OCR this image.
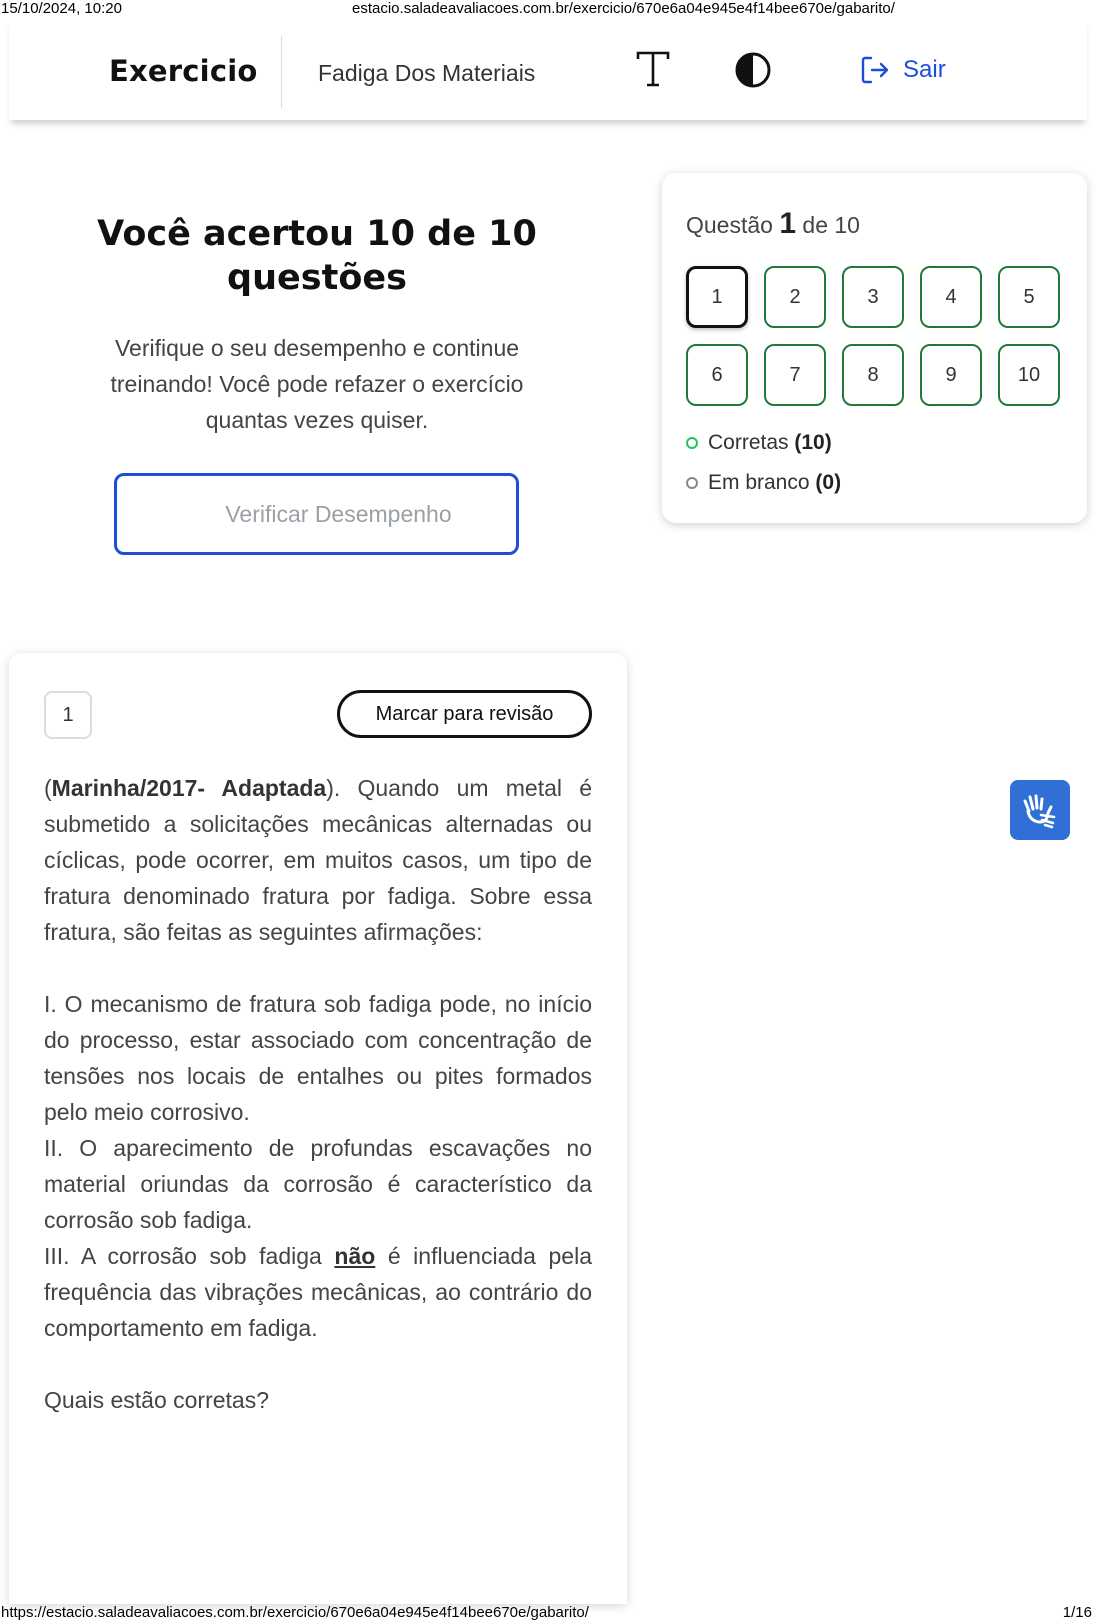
15/10/2024, 10:20	estacio.saladeavaliacoes.com.br/exercicio/670e6a04e945e4f14bee670e/gabarito/
Exercicio	Fadiga Dos Materiais	Sair
Você acertou 10 de 10 questões

Verifique o seu desempenho e continue treinando! Você pode refazer o exercício quantas vezes quiser.

Verificar Desempenho
Questão 1 de 10
1	2	3	4	5
6	7	8	9	10
Corretas (10)
Em branco (0)
1	Marcar para revisão

(Marinha/2017- Adaptada). Quando um metal é submetido a solicitações mecânicas alternadas ou cíclicas, pode ocorrer, em muitos casos, um tipo de fratura denominado fratura por fadiga. Sobre essa fratura, são feitas as seguintes afirmações:

I. O mecanismo de fratura sob fadiga pode, no início do processo, estar associado com concentração de tensões nos locais de entalhes ou pites formados pelo meio corrosivo.

II. O aparecimento de profundas escavações no material oriundas da corrosão é característico da corrosão sob fadiga.

III. A corrosão sob fadiga não é influenciada pela frequência das vibrações mecânicas, ao contrário do comportamento em fadiga.

Quais estão corretas?

https://estacio.saladeavaliacoes.com.br/exercicio/670e6a04e945e4f14bee670e/gabarito/	1/16
